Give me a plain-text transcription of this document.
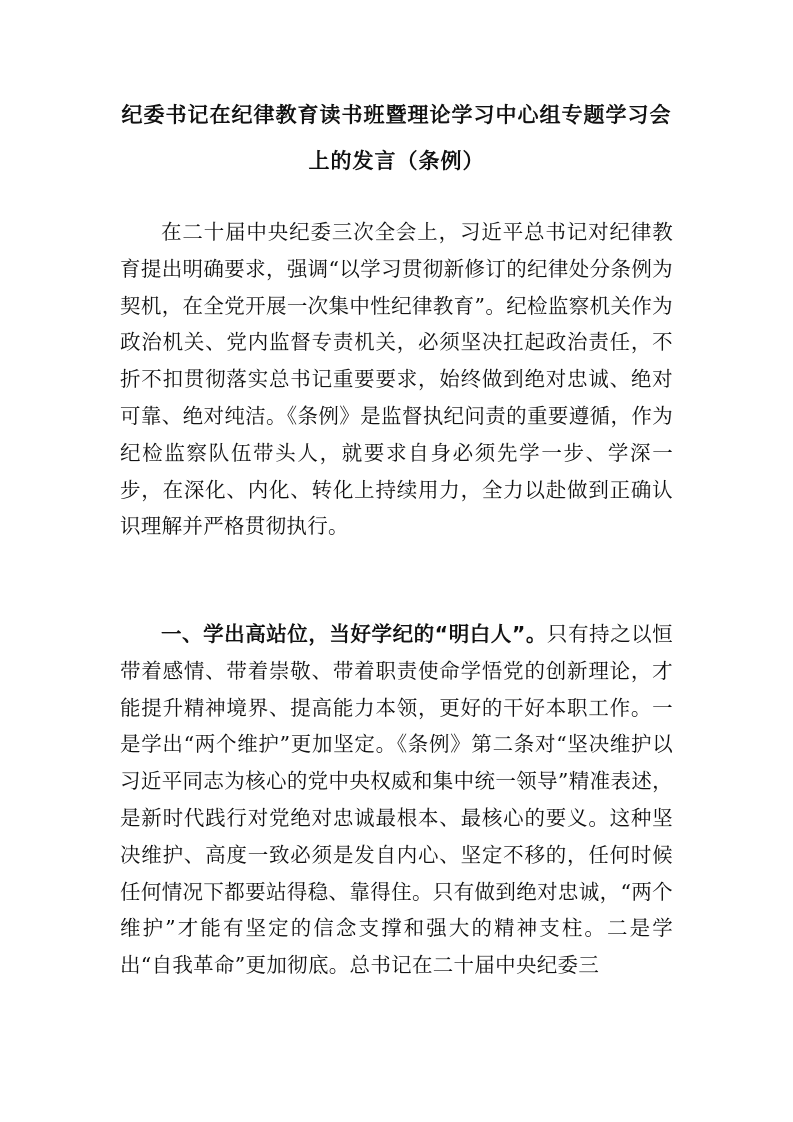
纪委书记在纪律教育读书班暨理论学习中心组专题学习会上的发言（条例）

在二十届中央纪委三次全会上，习近平总书记对纪律教育提出明确要求，强调“以学习贯彻新修订的纪律处分条例为契机，在全党开展一次集中性纪律教育”。纪检监察机关作为政治机关、党内监督专责机关，必须坚决扛起政治责任，不折不扣贯彻落实总书记重要要求，始终做到绝对忠诚、绝对可靠、绝对纯洁。《条例》是监督执纪问责的重要遵循，作为纪检监察队伍带头人，就要求自身必须先学一步、学深一步，在深化、内化、转化上持续用力，全力以赴做到正确认识理解并严格贯彻执行。

一、学出高站位，当好学纪的“明白人”。只有持之以恒带着感情、带着崇敬、带着职责使命学悟党的创新理论，才能提升精神境界、提高能力本领，更好的干好本职工作。一是学出“两个维护”更加坚定。《条例》第二条对“坚决维护以习近平同志为核心的党中央权威和集中统一领导”精准表述，是新时代践行对党绝对忠诚最根本、最核心的要义。这种坚决维护、高度一致必须是发自内心、坚定不移的，任何时候任何情况下都要站得稳、靠得住。只有做到绝对忠诚，“两个维护”才能有坚定的信念支撑和强大的精神支柱。二是学出“自我革命”更加彻底。总书记在二十届中央纪委三
